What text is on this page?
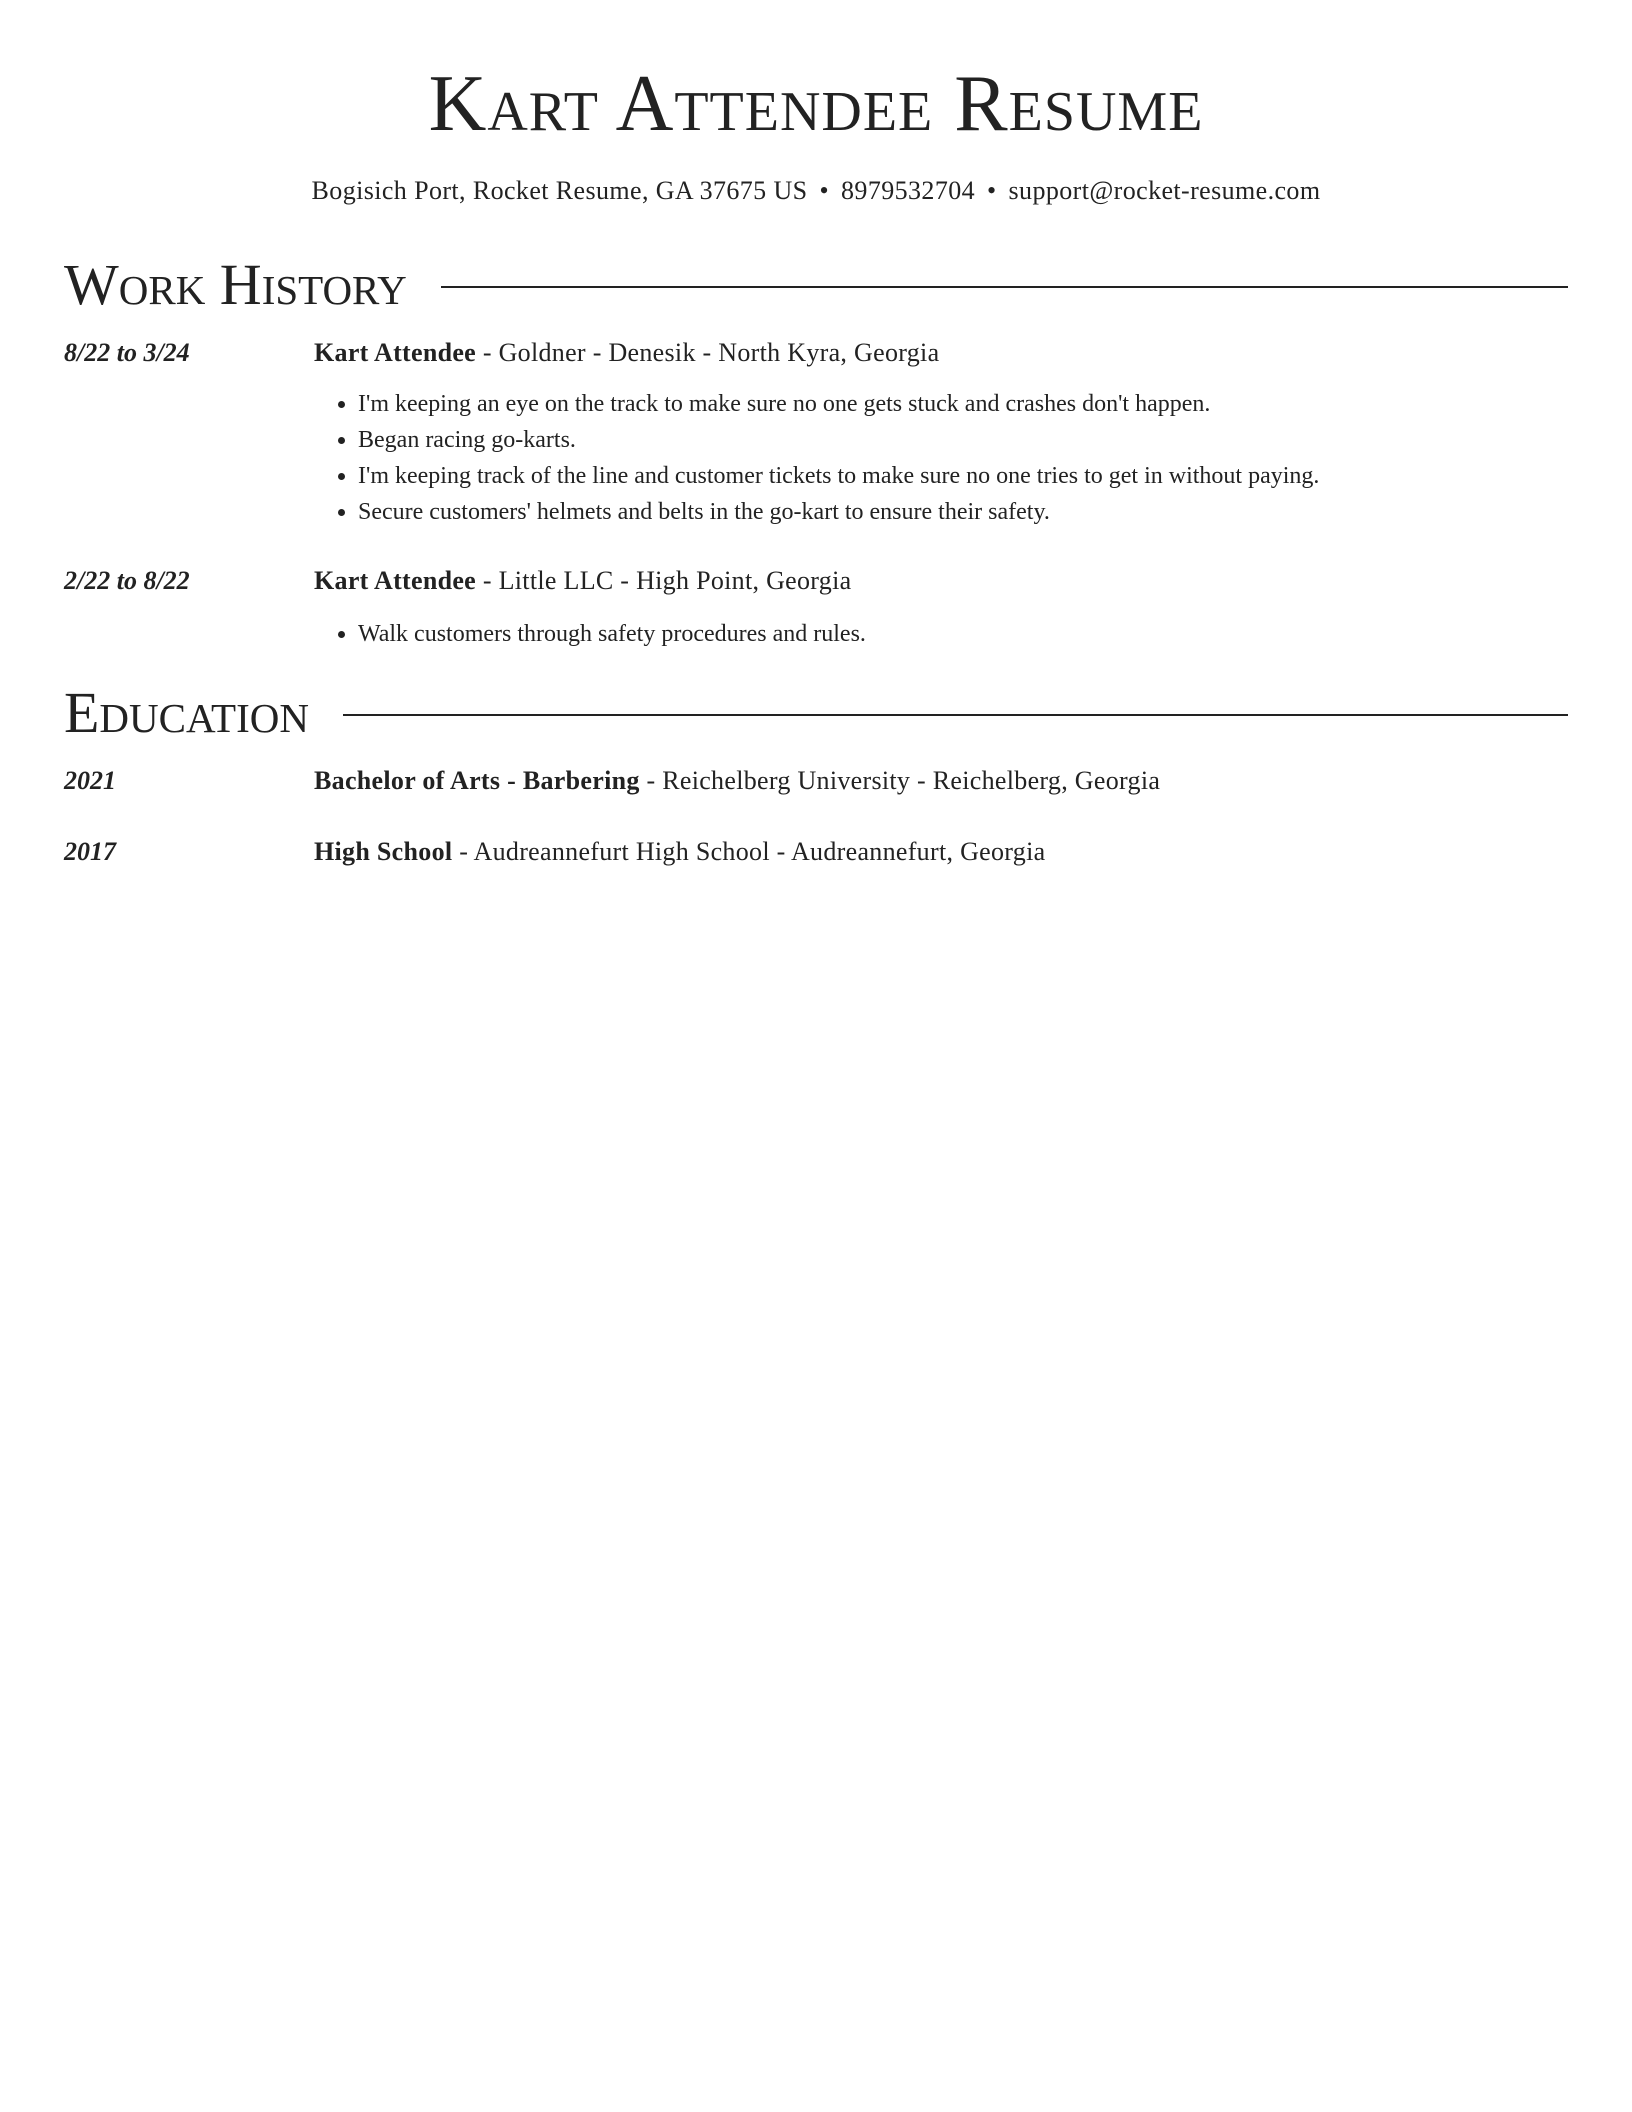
Kart Attendee Resume
Bogisich Port, Rocket Resume, GA 37675 US • 8979532704 • support@rocket-resume.com
Work History
8/22 to 3/24	Kart Attendee - Goldner - Denesik - North Kyra, Georgia
• I'm keeping an eye on the track to make sure no one gets stuck and crashes don't happen.
• Began racing go-karts.
• I'm keeping track of the line and customer tickets to make sure no one tries to get in without paying.
• Secure customers' helmets and belts in the go-kart to ensure their safety.
2/22 to 8/22	Kart Attendee - Little LLC - High Point, Georgia
• Walk customers through safety procedures and rules.
Education
2021	Bachelor of Arts - Barbering - Reichelberg University - Reichelberg, Georgia
2017	High School - Audreannefurt High School - Audreannefurt, Georgia
